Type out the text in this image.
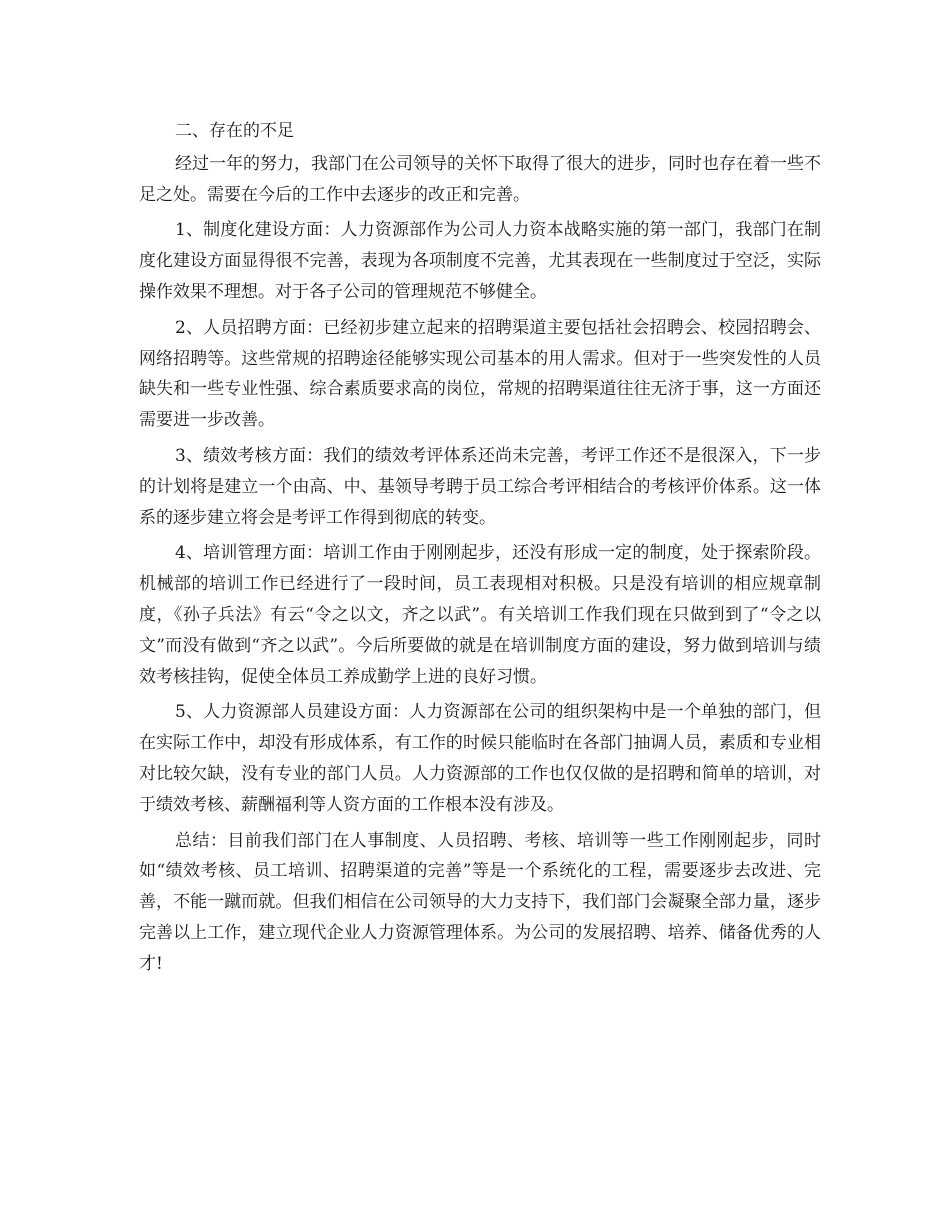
二、存在的不足

经过一年的努力，我部门在公司领导的关怀下取得了很大的进步，同时也存在着一些不足之处。需要在今后的工作中去逐步的改正和完善。

1、制度化建设方面：人力资源部作为公司人力资本战略实施的第一部门，我部门在制度化建设方面显得很不完善，表现为各项制度不完善，尤其表现在一些制度过于空泛，实际操作效果不理想。对于各子公司的管理规范不够健全。

2、人员招聘方面：已经初步建立起来的招聘渠道主要包括社会招聘会、校园招聘会、网络招聘等。这些常规的招聘途径能够实现公司基本的用人需求。但对于一些突发性的人员缺失和一些专业性强、综合素质要求高的岗位，常规的招聘渠道往往无济于事，这一方面还需要进一步改善。

3、绩效考核方面：我们的绩效考评体系还尚未完善，考评工作还不是很深入，下一步的计划将是建立一个由高、中、基领导考聘于员工综合考评相结合的考核评价体系。这一体系的逐步建立将会是考评工作得到彻底的转变。

4、培训管理方面：培训工作由于刚刚起步，还没有形成一定的制度，处于探索阶段。机械部的培训工作已经进行了一段时间，员工表现相对积极。只是没有培训的相应规章制度，《孙子兵法》有云“令之以文，齐之以武”。有关培训工作我们现在只做到到了“令之以文”而没有做到“齐之以武”。今后所要做的就是在培训制度方面的建设，努力做到培训与绩效考核挂钩，促使全体员工养成勤学上进的良好习惯。

5、人力资源部人员建设方面：人力资源部在公司的组织架构中是一个单独的部门，但在实际工作中，却没有形成体系，有工作的时候只能临时在各部门抽调人员，素质和专业相对比较欠缺，没有专业的部门人员。人力资源部的工作也仅仅做的是招聘和简单的培训，对于绩效考核、薪酬福利等人资方面的工作根本没有涉及。

总结：目前我们部门在人事制度、人员招聘、考核、培训等一些工作刚刚起步，同时如“绩效考核、员工培训、招聘渠道的完善”等是一个系统化的工程，需要逐步去改进、完善，不能一蹴而就。但我们相信在公司领导的大力支持下，我们部门会凝聚全部力量，逐步完善以上工作，建立现代企业人力资源管理体系。为公司的发展招聘、培养、储备优秀的人才!
